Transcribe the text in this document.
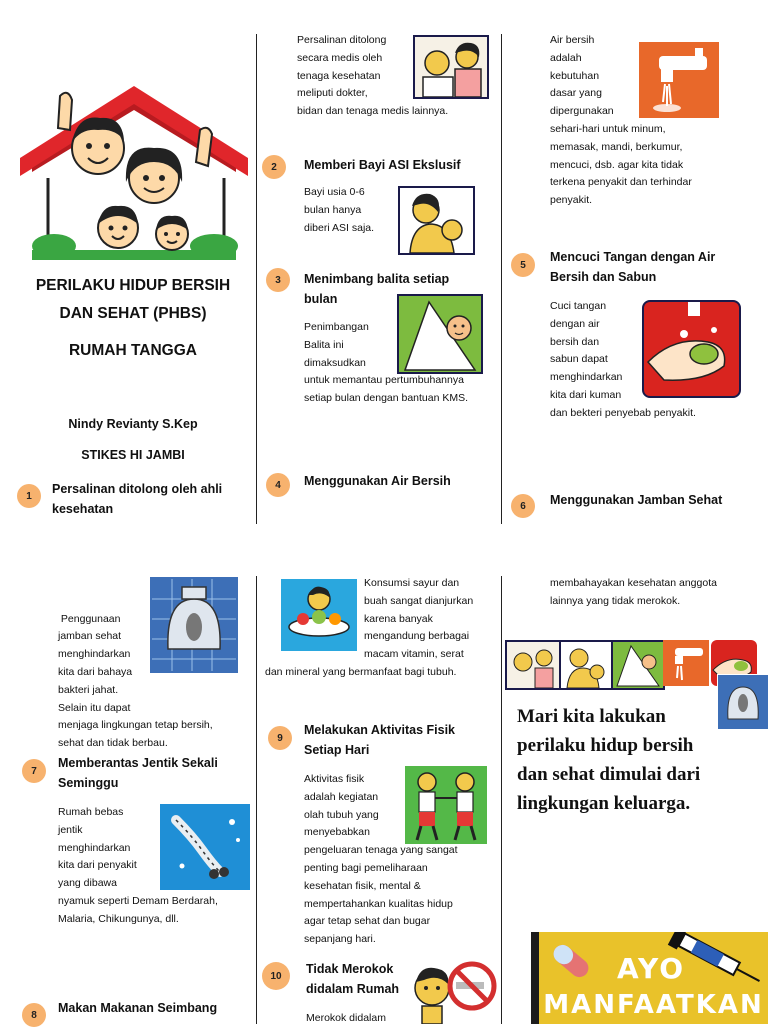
PERILAKU HIDUP BERSIH
DAN SEHAT (PHBS)
RUMAH TANGGA
Nindy Revianty S.Kep
STIKES HI JAMBI
1	Persalinan ditolong oleh ahli
kesehatan
Persalinan ditolong
secara medis oleh
tenaga kesehatan
meliputi dokter,
bidan dan tenaga medis lainnya.
2	Memberi Bayi ASI Ekslusif
Bayi usia 0-6
bulan hanya
diberi ASI saja.
3	Menimbang balita setiap
bulan
Penimbangan
Balita ini
dimaksudkan
untuk memantau pertumbuhannya
setiap bulan dengan bantuan KMS.
4	Menggunakan Air Bersih
Air bersih
adalah
kebutuhan
dasar yang
dipergunakan
sehari-hari untuk minum,
memasak, mandi, berkumur,
mencuci, dsb. agar kita tidak
terkena penyakit dan terhindar
penyakit.
5
Mencuci Tangan dengan Air
Bersih dan Sabun
Cuci tangan
dengan air
bersih dan
sabun dapat
menghindarkan
kita dari kuman
dan bekteri penyebab penyakit.
6	Menggunakan Jamban Sehat

Penggunaan
jamban sehat
menghindarkan
kita dari bahaya
bakteri jahat.
Selain itu dapat
menjaga lingkungan tetap bersih,
sehat dan tidak berbau.

7
Memberantas Jentik Sekali
Seminggu
Rumah bebas
jentik
menghindarkan
kita dari penyakit
yang dibawa
nyamuk seperti Demam Berdarah,
Malaria, Chikungunya, dll.
8	Makan Makanan Seimbang
Konsumsi sayur dan
buah sangat dianjurkan
karena banyak
mengandung berbagai
macam vitamin, serat
dan mineral yang bermanfaat bagi tubuh.
9
Melakukan Aktivitas Fisik
Setiap Hari
Aktivitas fisik
adalah kegiatan
olah tubuh yang
menyebabkan
pengeluaran tenaga yang sangat
penting bagi pemeliharaan
kesehatan fisik, mental &
mempertahankan kualitas hidup
agar tetap sehat dan bugar
sepanjang hari.
10	Tidak Merokok
didalam Rumah
Merokok didalam
membahayakan kesehatan anggota
lainnya yang tidak merokok.
Mari kita lakukan
perilaku hidup bersih
dan sehat dimulai dari
lingkungan keluarga.
AYO
MANFAATKAN
